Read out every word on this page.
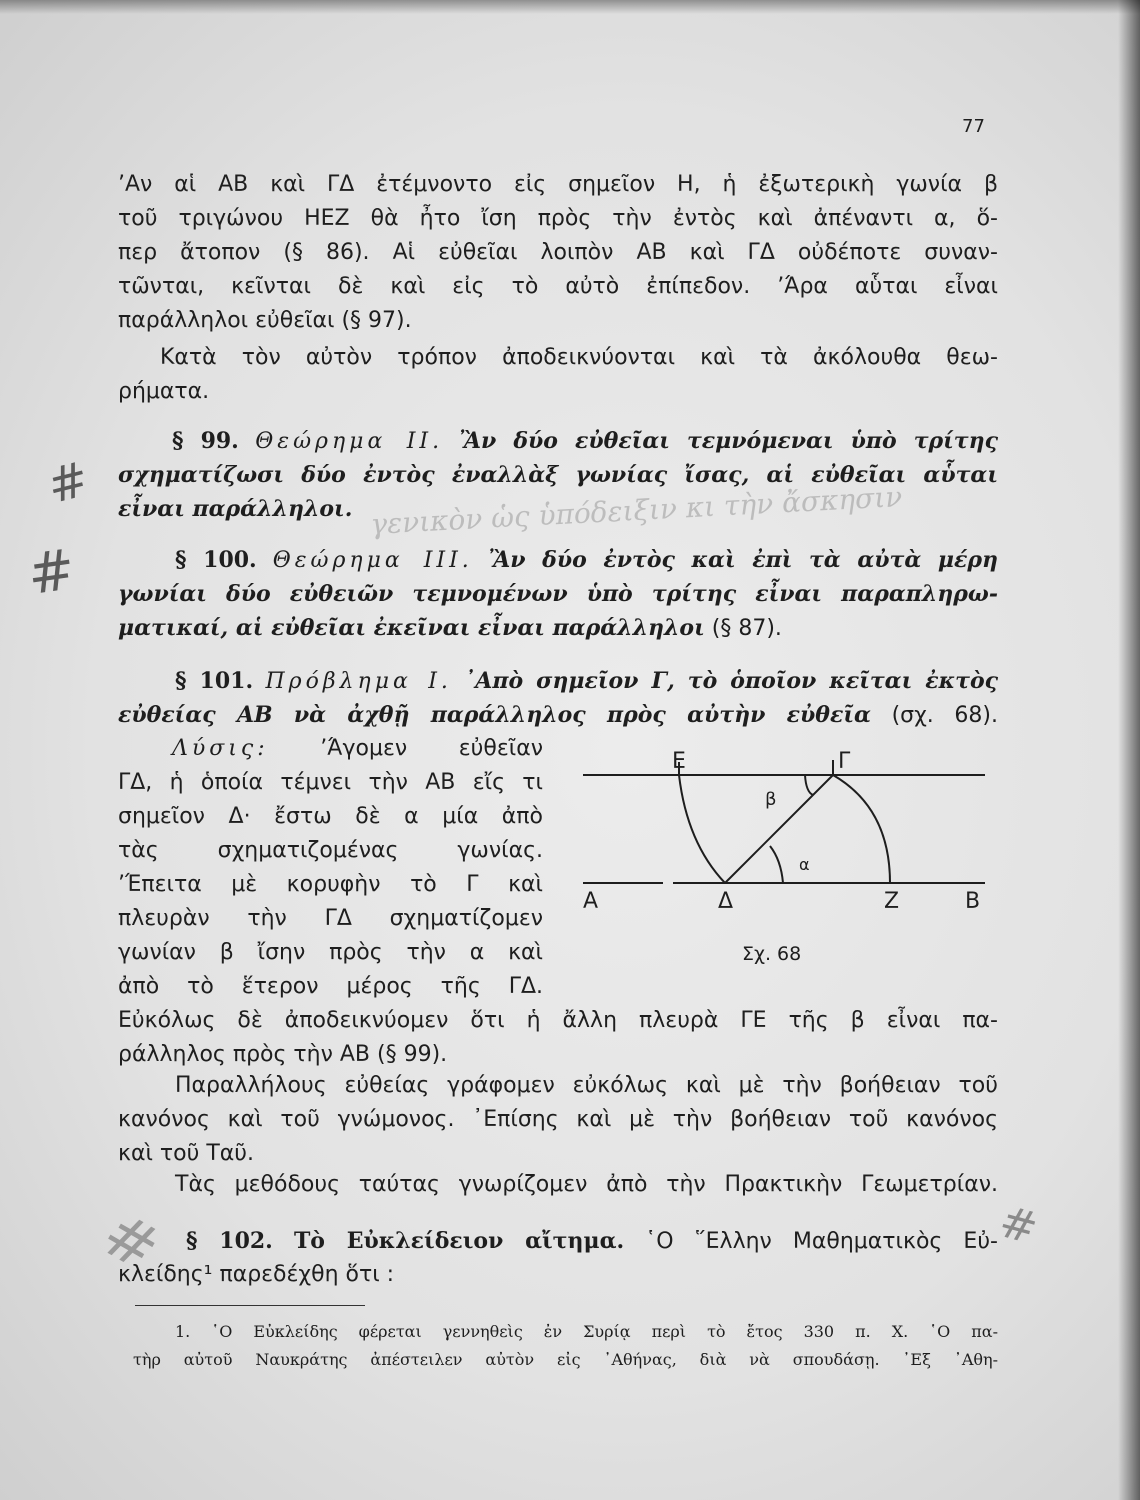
77
’Αν αἱ ΑΒ καὶ ΓΔ ἐτέμνοντο εἰς σημεῖον Η, ἡ ἐξωτερικὴ γωνία β
τοῦ τριγώνου ΗΕΖ θὰ ἦτο ἴση πρὸς τὴν ἐντὸς καὶ ἀπέναντι α, ὅ-
περ ἄτοπον (§ 86). Αἱ εὐθεῖαι λοιπὸν ΑΒ καὶ ΓΔ οὐδέποτε συναν-
τῶνται, κεῖνται δὲ καὶ εἰς τὸ αὐτὸ ἐπίπεδον. ’Άρα αὗται εἶναι
παράλληλοι εὐθεῖαι (§ 97).
Κατὰ τὸν αὐτὸν τρόπον ἀποδεικνύονται καὶ τὰ ἀκόλουθα θεω-
ρήματα.
§ 99. Θεώρημα ΙΙ. Ἂν δύο εὐθεῖαι τεμνόμεναι ὑπὸ τρίτης
σχηματίζωσι δύο ἐντὸς ἐναλλὰξ γωνίας ἴσας, αἱ εὐθεῖαι αὗται
εἶναι παράλληλοι.
§ 100. Θεώρημα ΙΙΙ. Ἂν δύο ἐντὸς καὶ ἐπὶ τὰ αὐτὰ μέρη
γωνίαι δύο εὐθειῶν τεμνομένων ὑπὸ τρίτης εἶναι παραπληρω-
ματικαί, αἱ εὐθεῖαι ἐκεῖναι εἶναι παράλληλοι (§ 87).
§ 101. Πρόβλημα Ι. ᾿Απὸ σημεῖον Γ, τὸ ὁποῖον κεῖται ἐκτὸς
εὐθείας ΑΒ νὰ ἀχθῇ παράλληλος πρὸς αὐτὴν εὐθεῖα (σχ. 68).
Λύσις: ’Άγομεν εὐθεῖαν
ΓΔ, ἡ ὁποία τέμνει τὴν ΑΒ εἴς τι
σημεῖον Δ· ἔστω δὲ α μία ἀπὸ
τὰς σχηματιζομένας γωνίας.
’Έπειτα μὲ κορυφὴν τὸ Γ καὶ
πλευρὰν τὴν ΓΔ σχηματίζομεν
γωνίαν β ἴσην πρὸς τὴν α καὶ
ἀπὸ τὸ ἕτερον μέρος τῆς ΓΔ.
Εὐκόλως δὲ ἀποδεικνύομεν ὅτι ἡ ἄλλη πλευρὰ ΓΕ τῆς β εἶναι πα-
ράλληλος πρὸς τὴν ΑΒ (§ 99).
Ε	Γ
β
α
Α	Δ	Ζ	Β
Σχ. 68
Παραλλήλους εὐθείας γράφομεν εὐκόλως καὶ μὲ τὴν βοήθειαν τοῦ
κανόνος καὶ τοῦ γνώμονος. ᾿Επίσης καὶ μὲ τὴν βοήθειαν τοῦ κανόνος
καὶ τοῦ Ταῦ.
Τὰς μεθόδους ταύτας γνωρίζομεν ἀπὸ τὴν Πρακτικὴν Γεωμετρίαν.
§ 102. Τὸ Εὐκλείδειον αἴτημα. ῾Ο ῞Ελλην Μαθηματικὸς Εὐ-
κλείδης¹ παρεδέχθη ὅτι :
1. ῾Ο Εὐκλείδης φέρεται γεννηθεὶς ἐν Συρίᾳ περὶ τὸ ἔτος 330 π. Χ. ῾Ο πα-
τὴρ αὐτοῦ Ναυκράτης ἀπέστειλεν αὐτὸν εἰς ᾿Αθήνας, διὰ νὰ σπουδάσῃ. ᾿Εξ ᾿Αθη-
γενικὸν ὡς ὑπόδειξιν κι τὴν ἄσκησιν
#
#
#	#
